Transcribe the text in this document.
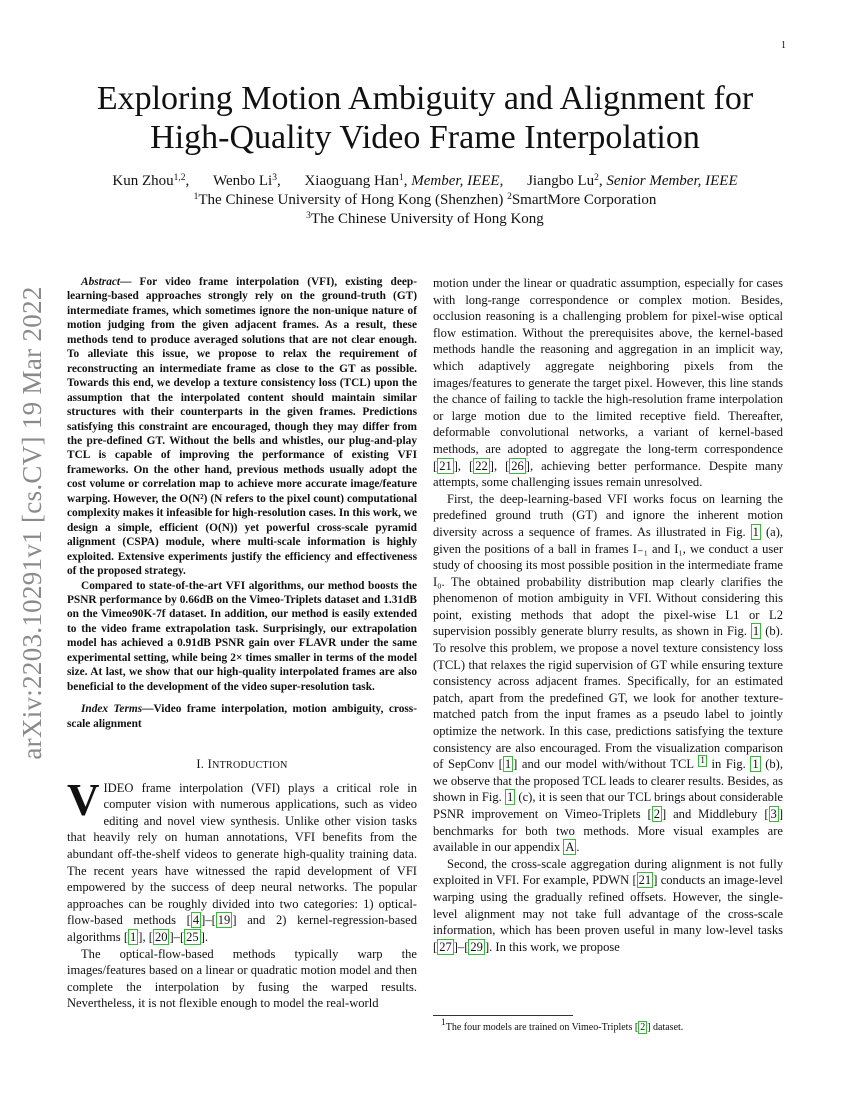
1
arXiv:2203.10291v1 [cs.CV] 19 Mar 2022
Exploring Motion Ambiguity and Alignment for High-Quality Video Frame Interpolation
Kun Zhou$^{1,2}$, Wenbo Li$^3$, Xiaoguang Han$^1$, Member, IEEE, Jiangbo Lu$^2$, Senior Member, IEEE
$^1$The Chinese University of Hong Kong (Shenzhen) $^2$SmartMore Corporation
$^3$The Chinese University of Hong Kong

Abstract— For video frame interpolation (VFI), existing deep-learning-based approaches strongly rely on the ground-truth (GT) intermediate frames, which sometimes ignore the non-unique nature of motion judging from the given adjacent frames. As a result, these methods tend to produce averaged solutions that are not clear enough. To alleviate this issue, we propose to relax the requirement of reconstructing an intermediate frame as close to the GT as possible. Towards this end, we develop a texture consistency loss (TCL) upon the assumption that the interpolated content should maintain similar structures with their counterparts in the given frames. Predictions satisfying this constraint are encouraged, though they may differ from the pre-defined GT. Without the bells and whistles, our plug-and-play TCL is capable of improving the performance of existing VFI frameworks. On the other hand, previous methods usually adopt the cost volume or correlation map to achieve more accurate image/feature warping. However, the O(N²) (N refers to the pixel count) computational complexity makes it infeasible for high-resolution cases. In this work, we design a simple, efficient (O(N)) yet powerful cross-scale pyramid alignment (CSPA) module, where multi-scale information is highly exploited. Extensive experiments justify the efficiency and effectiveness of the proposed strategy.

Compared to state-of-the-art VFI algorithms, our method boosts the PSNR performance by 0.66dB on the Vimeo-Triplets dataset and 1.31dB on the Vimeo90K-7f dataset. In addition, our method is easily extended to the video frame extrapolation task. Surprisingly, our extrapolation model has achieved a 0.91dB PSNR gain over FLAVR under the same experimental setting, while being 2× times smaller in terms of the model size. At last, we show that our high-quality interpolated frames are also beneficial to the development of the video super-resolution task.

Index Terms—Video frame interpolation, motion ambiguity, cross-scale alignment

I. INTRODUCTION

VIDEO frame interpolation (VFI) plays a critical role in computer vision with numerous applications, such as video editing and novel view synthesis. Unlike other vision tasks that heavily rely on human annotations, VFI benefits from the abundant off-the-shelf videos to generate high-quality training data. The recent years have witnessed the rapid development of VFI empowered by the success of deep neural networks. The popular approaches can be roughly divided into two categories: 1) optical-flow-based methods [ 4 ]–[ 19 ] and 2) kernel-regression-based algorithms [ 1 ], [ 20 ]–[ 25 ].

The optical-flow-based methods typically warp the images/features based on a linear or quadratic motion model and then complete the interpolation by fusing the warped results. Nevertheless, it is not flexible enough to model the real-world

motion under the linear or quadratic assumption, especially for cases with long-range correspondence or complex motion. Besides, occlusion reasoning is a challenging problem for pixel-wise optical flow estimation. Without the prerequisites above, the kernel-based methods handle the reasoning and aggregation in an implicit way, which adaptively aggregate neighboring pixels from the images/features to generate the target pixel. However, this line stands the chance of failing to tackle the high-resolution frame interpolation or large motion due to the limited receptive field. Thereafter, deformable convolutional networks, a variant of kernel-based methods, are adopted to aggregate the long-term correspondence [ 21 ], [ 22 ], [ 26 ], achieving better performance. Despite many attempts, some challenging issues remain unresolved.

First, the deep-learning-based VFI works focus on learning the predefined ground truth (GT) and ignore the inherent motion diversity across a sequence of frames. As illustrated in Fig. 1 (a), given the positions of a ball in frames I₋₁ and I₁, we conduct a user study of choosing its most possible position in the intermediate frame I₀. The obtained probability distribution map clearly clarifies the phenomenon of motion ambiguity in VFI. Without considering this point, existing methods that adopt the pixel-wise L1 or L2 supervision possibly generate blurry results, as shown in Fig. 1 (b). To resolve this problem, we propose a novel texture consistency loss (TCL) that relaxes the rigid supervision of GT while ensuring texture consistency across adjacent frames. Specifically, for an estimated patch, apart from the predefined GT, we look for another texture-matched patch from the input frames as a pseudo label to jointly optimize the network. In this case, predictions satisfying the texture consistency are also encouraged. From the visualization comparison of SepConv [ 1 ] and our model with/without TCL $^1$ in Fig. 1 (b), we observe that the proposed TCL leads to clearer results. Besides, as shown in Fig. 1 (c), it is seen that our TCL brings about considerable PSNR improvement on Vimeo-Triplets [ 2 ] and Middlebury [ 3 ] benchmarks for both two methods. More visual examples are available in our appendix A .

Second, the cross-scale aggregation during alignment is not fully exploited in VFI. For example, PDWN [ 21 ] conducts an image-level warping using the gradually refined offsets. However, the single-level alignment may not take full advantage of the cross-scale information, which has been proven useful in many low-level tasks [ 27 ]–[ 29 ]. In this work, we propose

$^1$The four models are trained on Vimeo-Triplets [ 2 ] dataset.
